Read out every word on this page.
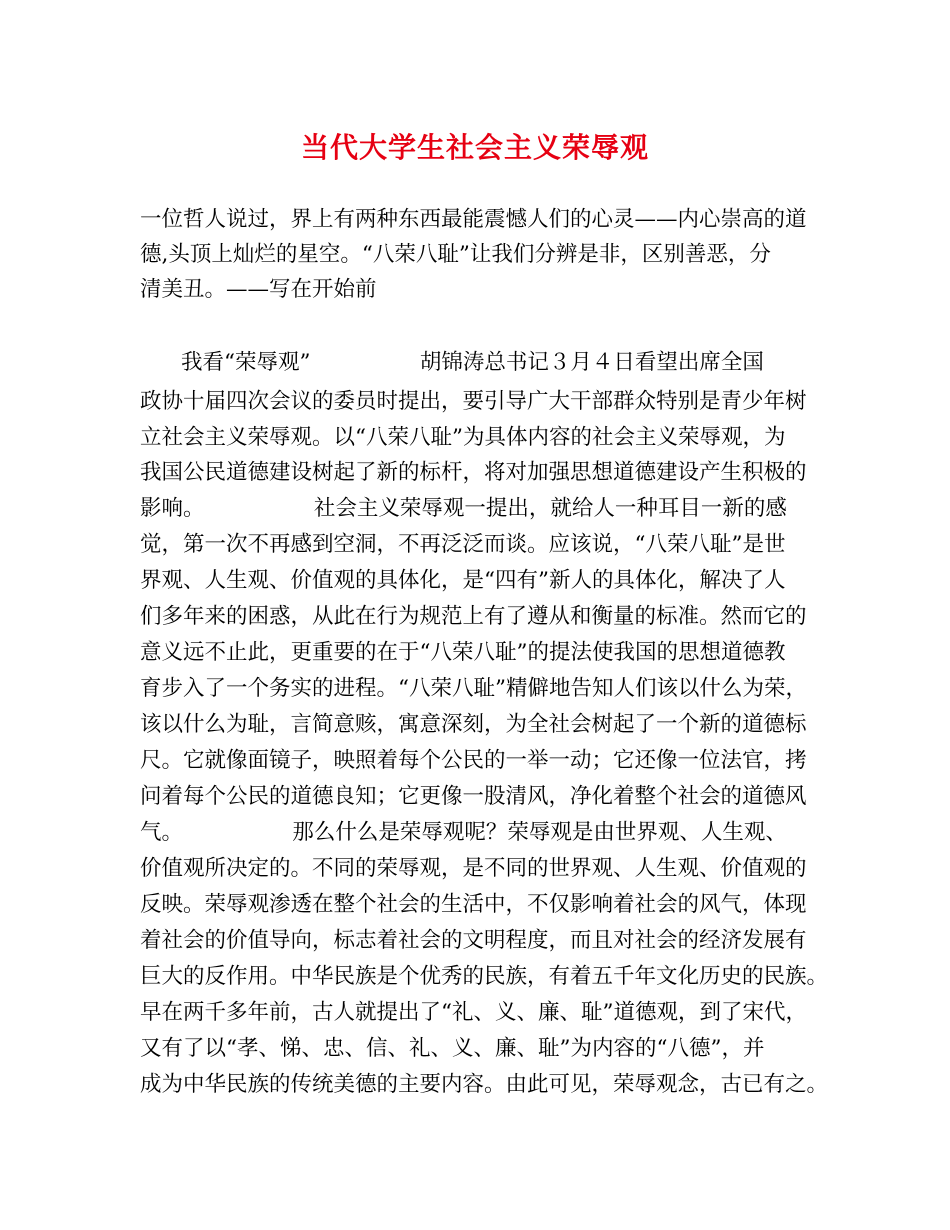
当代大学生社会主义荣辱观
一位哲人说过，界上有两种东西最能震憾人们的心灵——内心崇高的道
德,头顶上灿烂的星空。“八荣八耻”让我们分辨是非，区别善恶，分
清美丑。——写在开始前
我看“荣辱观”                胡锦涛总书记３月４日看望出席全国
政协十届四次会议的委员时提出，要引导广大干部群众特别是青少年树
立社会主义荣辱观。以“八荣八耻”为具体内容的社会主义荣辱观，为
我国公民道德建设树起了新的标杆，将对加强思想道德建设产生积极的
影响。                社会主义荣辱观一提出，就给人一种耳目一新的感
觉，第一次不再感到空洞，不再泛泛而谈。应该说，“八荣八耻”是世
界观、人生观、价值观的具体化，是“四有”新人的具体化，解决了人
们多年来的困惑，从此在行为规范上有了遵从和衡量的标准。然而它的
意义远不止此，更重要的在于“八荣八耻”的提法使我国的思想道德教
育步入了一个务实的进程。“八荣八耻”精僻地告知人们该以什么为荣，
该以什么为耻，言简意赅，寓意深刻，为全社会树起了一个新的道德标
尺。它就像面镜子，映照着每个公民的一举一动；它还像一位法官，拷
问着每个公民的道德良知；它更像一股清风，净化着整个社会的道德风
气。                那么什么是荣辱观呢？荣辱观是由世界观、人生观、
价值观所决定的。不同的荣辱观，是不同的世界观、人生观、价值观的
反映。荣辱观渗透在整个社会的生活中，不仅影响着社会的风气，体现
着社会的价值导向，标志着社会的文明程度，而且对社会的经济发展有
巨大的反作用。中华民族是个优秀的民族，有着五千年文化历史的民族。
早在两千多年前，古人就提出了“礼、义、廉、耻”道德观，到了宋代，
又有了以“孝、悌、忠、信、礼、义、廉、耻”为内容的“八德”，并
成为中华民族的传统美德的主要内容。由此可见，荣辱观念，古已有之。
